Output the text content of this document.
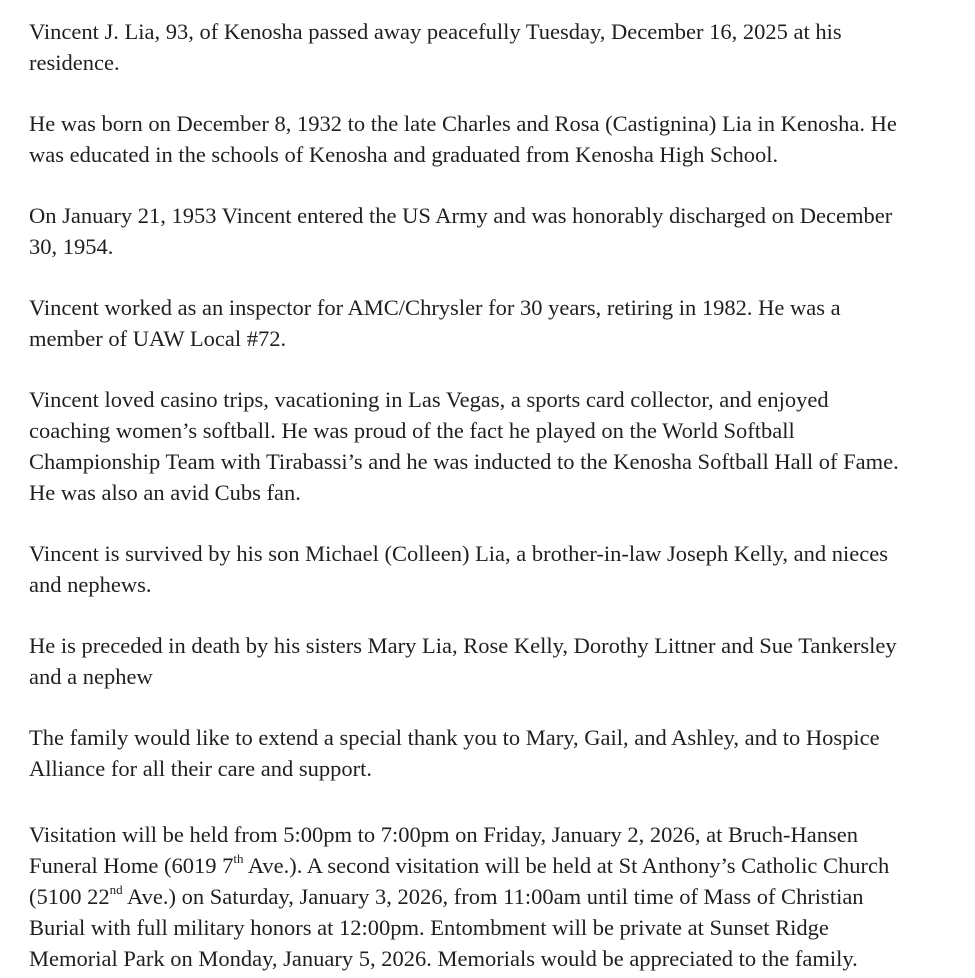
Vincent J. Lia, 93, of Kenosha passed away peacefully Tuesday, December 16, 2025 at his
residence.

He was born on December 8, 1932 to the late Charles and Rosa (Castignina) Lia in Kenosha. He
was educated in the schools of Kenosha and graduated from Kenosha High School.

On January 21, 1953 Vincent entered the US Army and was honorably discharged on December
30, 1954.

Vincent worked as an inspector for AMC/Chrysler for 30 years, retiring in 1982. He was a
member of UAW Local #72.

Vincent loved casino trips, vacationing in Las Vegas, a sports card collector, and enjoyed
coaching women’s softball. He was proud of the fact he played on the World Softball
Championship Team with Tirabassi’s and he was inducted to the Kenosha Softball Hall of Fame.
He was also an avid Cubs fan.

Vincent is survived by his son Michael (Colleen) Lia, a brother-in-law Joseph Kelly, and nieces
and nephews.

He is preceded in death by his sisters Mary Lia, Rose Kelly, Dorothy Littner and Sue Tankersley
and a nephew

The family would like to extend a special thank you to Mary, Gail, and Ashley, and to Hospice
Alliance for all their care and support.

Visitation will be held from 5:00pm to 7:00pm on Friday, January 2, 2026, at Bruch-Hansen
Funeral Home (6019 7th Ave.). A second visitation will be held at St Anthony’s Catholic Church
(5100 22nd Ave.) on Saturday, January 3, 2026, from 11:00am until time of Mass of Christian
Burial with full military honors at 12:00pm. Entombment will be private at Sunset Ridge
Memorial Park on Monday, January 5, 2026. Memorials would be appreciated to the family.
